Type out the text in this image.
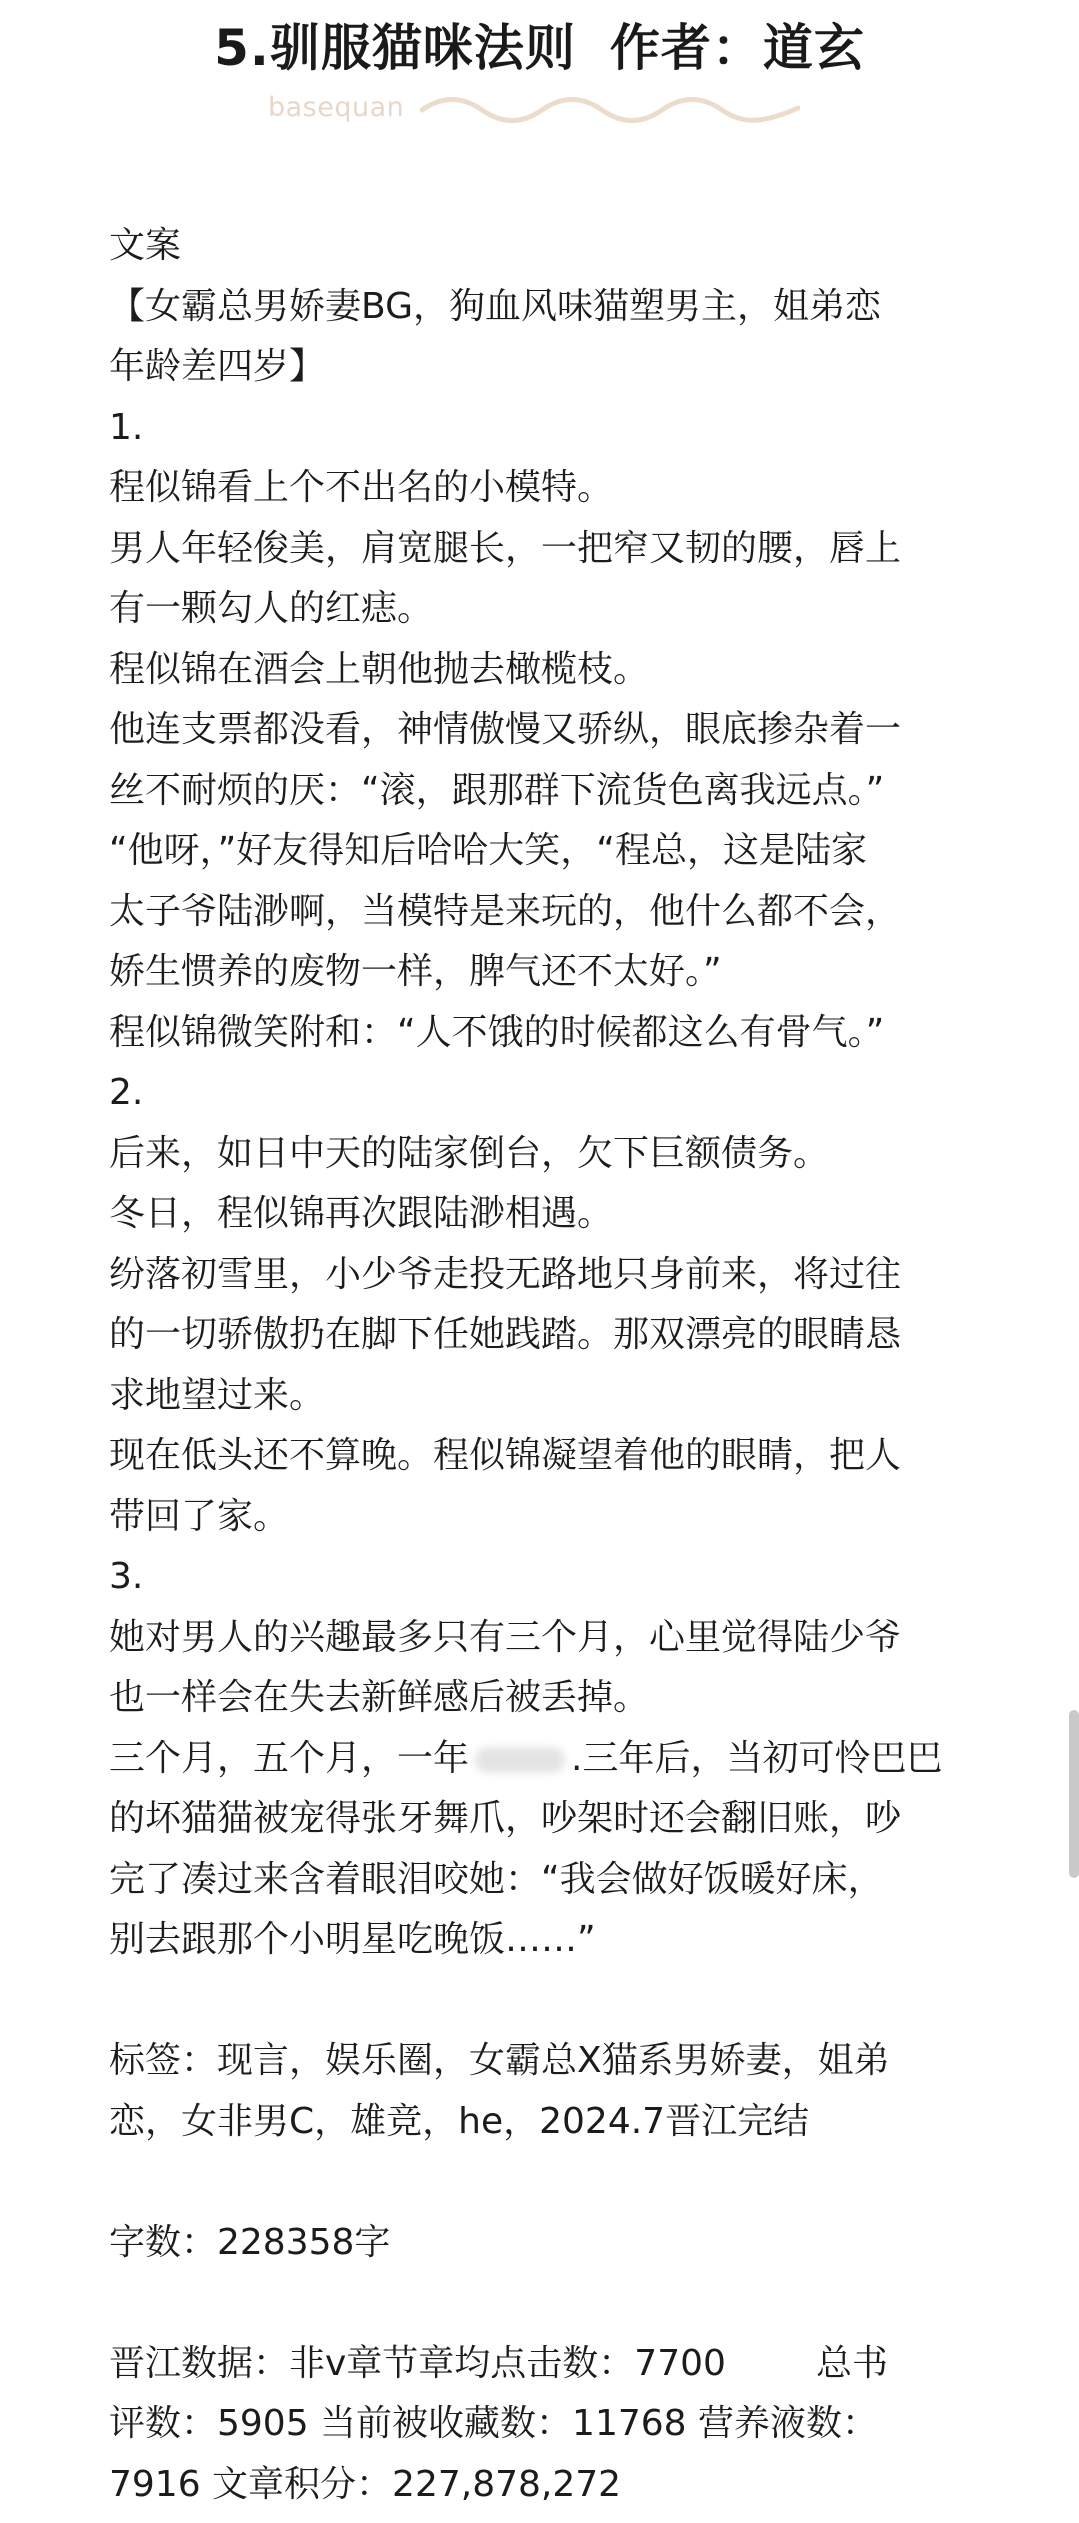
5.驯服猫咪法则 作者：道玄
basequan
文案
【女霸总男娇妻BG，狗血风味猫塑男主，姐弟恋
年龄差四岁】
1.
程似锦看上个不出名的小模特。
男人年轻俊美，肩宽腿长，一把窄又韧的腰，唇上
有一颗勾人的红痣。
程似锦在酒会上朝他抛去橄榄枝。
他连支票都没看，神情傲慢又骄纵，眼底掺杂着一
丝不耐烦的厌：“滚，跟那群下流货色离我远点。”
“他呀，”好友得知后哈哈大笑，“程总，这是陆家
太子爷陆渺啊，当模特是来玩的，他什么都不会，
娇生惯养的废物一样，脾气还不太好。”
程似锦微笑附和：“人不饿的时候都这么有骨气。”
2.
后来，如日中天的陆家倒台，欠下巨额债务。
冬日，程似锦再次跟陆渺相遇。
纷落初雪里，小少爷走投无路地只身前来，将过往
的一切骄傲扔在脚下任她践踏。那双漂亮的眼睛恳
求地望过来。
现在低头还不算晚。程似锦凝望着他的眼睛，把人
带回了家。
3.
她对男人的兴趣最多只有三个月，心里觉得陆少爷
也一样会在失去新鲜感后被丢掉。
三个月，五个月，一年	.三年后，当初可怜巴巴
的坏猫猫被宠得张牙舞爪，吵架时还会翻旧账，吵
完了凑过来含着眼泪咬她：“我会做好饭暖好床，
别去跟那个小明星吃晚饭……”
标签：现言，娱乐圈，女霸总X猫系男娇妻，姐弟
恋，女非男C，雄竞，he，2024.7晋江完结
字数：228358字
晋江数据：非v章节章均点击数：7700	总书
评数：5905 当前被收藏数：11768 营养液数：
7916 文章积分：227,878,272
